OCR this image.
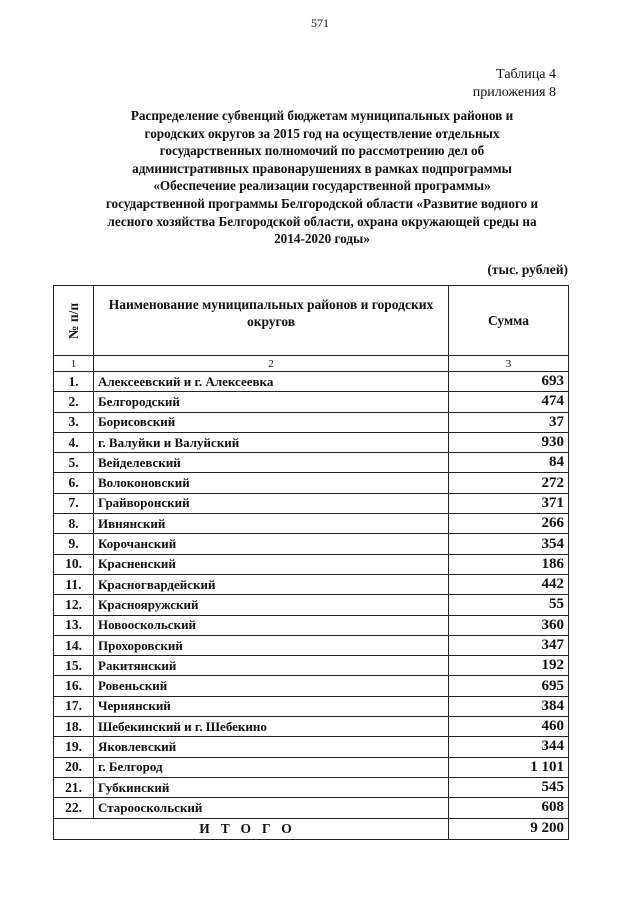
571
Таблица 4
приложения 8
Распределение субвенций бюджетам муниципальных районов и
городских округов за 2015 год на осуществление отдельных
государственных полномочий по рассмотрению дел об
административных правонарушениях в рамках подпрограммы
«Обеспечение реализации государственной программы»
государственной программы Белгородской области «Развитие водного и
лесного хозяйства Белгородской области, охрана окружающей среды на
2014-2020 годы»
(тыс. рублей)
№ п/п	Наименование муниципальных районов и городских округов	Сумма
1	2	3
1.	Алексеевский и г. Алексеевка	693
2.	Белгородский	474
3.	Борисовский	37
4.	г. Валуйки и Валуйский	930
5.	Вейделевский	84
6.	Волоконовский	272
7.	Грайворонский	371
8.	Ивнянский	266
9.	Корочанский	354
10.	Красненский	186
11.	Красногвардейский	442
12.	Краснояружский	55
13.	Новооскольский	360
14.	Прохоровский	347
15.	Ракитянский	192
16.	Ровеньский	695
17.	Чернянский	384
18.	Шебекинский и г. Шебекино	460
19.	Яковлевский	344
20.	г. Белгород	1 101
21.	Губкинский	545
22.	Старооскольский	608
ИТОГО		9 200
